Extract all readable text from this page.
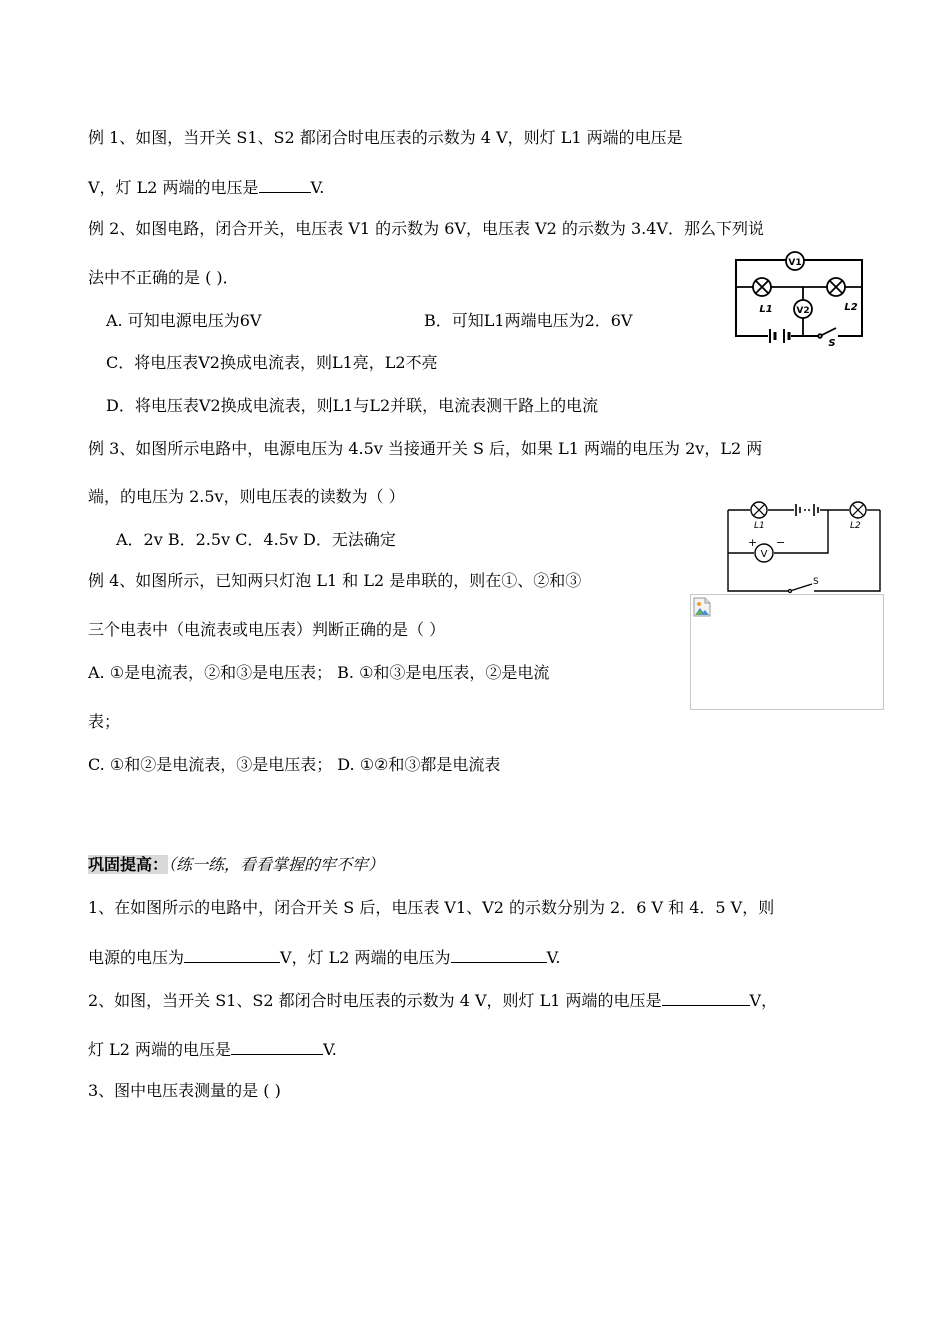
例 1、如图，当开关 S1、S2 都闭合时电压表的示数为 4 V，则灯 L1 两端的电压是
V，灯 L2 两端的电压是	V.
例 2、如图电路，闭合开关，电压表 V1 的示数为 6V，电压表 V2 的示数为 3.4V．那么下列说
法中不正确的是 ( )．
A. 可知电源电压为6V	B．可知L1两端电压为2．6V
C．将电压表V2换成电流表，则L1亮，L2不亮
D．将电压表V2换成电流表，则L1与L2并联，电流表测干路上的电流
V1
V2
L1	L2
S
例 3、如图所示电路中，电源电压为 4.5v 当接通开关 S 后，如果 L1 两端的电压为 2v，L2 两
端，的电压为 2.5v，则电压表的读数为（ ）
A．2v B．2.5v C．4.5v D．无法确定
L1	L2
+ −
V
S
例 4、如图所示，已知两只灯泡 L1 和 L2 是串联的，则在①、②和③
三个电表中（电流表或电压表）判断正确的是（ ）
A. ①是电流表，②和③是电压表； B. ①和③是电压表，②是电流
表；
C. ①和②是电流表，③是电压表； D. ①②和③都是电流表
巩固提高：（练一练，看看掌握的牢不牢）
1、在如图所示的电路中，闭合开关 S 后，电压表 V1、V2 的示数分别为 2．6 V 和 4．5 V，则
电源的电压为	V，灯 L2 两端的电压为	V.
2、如图，当开关 S1、S2 都闭合时电压表的示数为 4 V，则灯 L1 两端的电压是	V，
灯 L2 两端的电压是	V.
3、图中电压表测量的是 ( )
